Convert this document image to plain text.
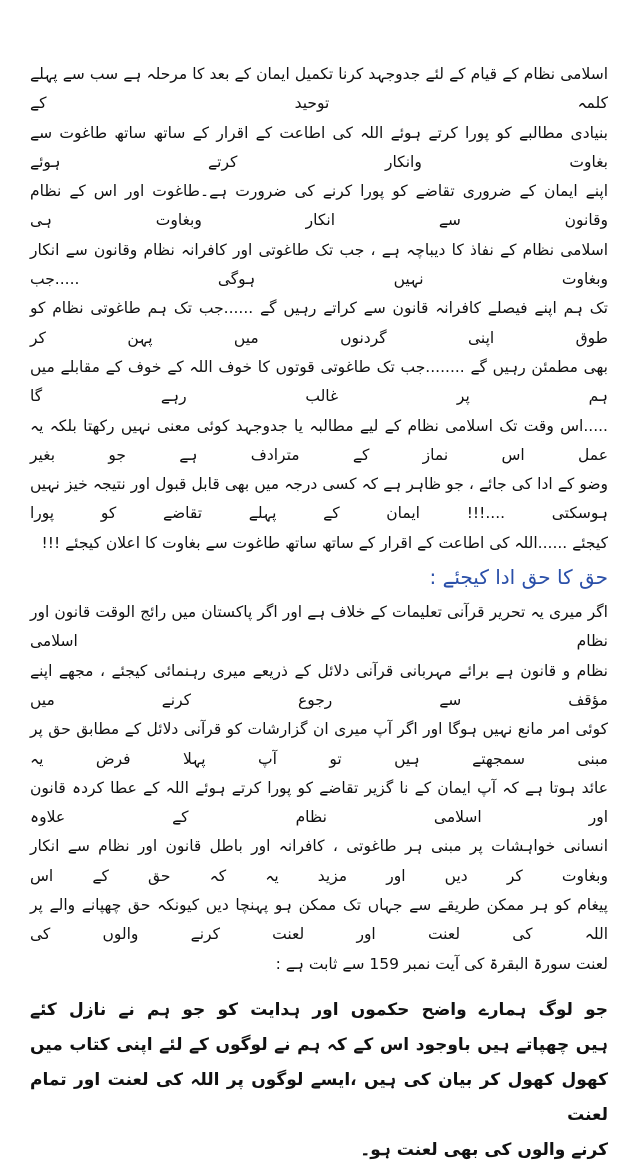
اسلامی نظام کے قیام کے لئے جدوجہد کرنا تکمیل ایمان کے بعد کا مرحلہ ہے سب سے پہلے کلمہ توحید کے

بنیادی مطالبے کو پورا کرتے ہوئے اللہ کی اطاعت کے اقرار کے ساتھ ساتھ طاغوت سے بغاوت وانکار کرتے ہوئے

اپنے ایمان کے ضروری تقاضے کو پورا کرنے کی ضرورت ہے۔طاغوت اور اس کے نظام وقانون سے انکار وبغاوت ہی

اسلامی نظام کے نفاذ کا دیباچہ ہے ، جب تک طاغوتی اور کافرانہ نظام وقانون سے انکار وبغاوت نہیں ہوگی .....جب

تک ہم اپنے فیصلے کافرانہ قانون سے کراتے رہیں گے ......جب تک ہم طاغوتی نظام کو طوق اپنی گردنوں میں پہن کر

بھی مطمئن رہیں گے ........جب تک طاغوتی قوتوں کا خوف اللہ کے خوف کے مقابلے میں ہم پر غالب رہے گا

.....اس وقت تک اسلامی نظام کے لیے مطالبہ یا جدوجہد کوئی معنی نہیں رکھتا بلکہ یہ عمل اس نماز کے مترادف ہے جو بغیر

وضو کے ادا کی جائے ، جو ظاہر ہے کہ کسی درجہ میں بھی قابل قبول اور نتیجہ خیز نہیں ہوسکتی ....!!! ایمان کے پہلے تقاضے کو پورا

کیجئے ......اللہ کی اطاعت کے اقرار کے ساتھ ساتھ طاغوت سے بغاوت کا اعلان کیجئے !!!

حق کا حق ادا کیجئے :

اگر میری یہ تحریر قرآنی تعلیمات کے خلاف ہے اور اگر پاکستان میں رائج الوقت قانون اور نظام اسلامی

نظام و قانون ہے برائے مہربانی قرآنی دلائل کے ذریعے میری رہنمائی کیجئے ، مجھے اپنے مؤقف سے رجوع کرنے میں

کوئی امر مانع نہیں ہوگا اور اگر آپ میری ان گزارشات کو قرآنی دلائل کے مطابق حق پر مبنی سمجھتے ہیں تو آپ پہلا فرض یہ

عائد ہوتا ہے کہ آپ ایمان کے نا گزیر تقاضے کو پورا کرتے ہوئے اللہ کے عطا کردہ قانون اور اسلامی نظام کے علاوہ

انسانی خواہشات پر مبنی ہر طاغوتی ، کافرانہ اور باطل قانون اور نظام سے انکار وبغاوت کر دیں اور مزید یہ کہ حق کے اس

پیغام کو ہر ممکن طریقے سے جہاں تک ممکن ہو پہنچا دیں کیونکہ حق چھپانے والے پر اللہ کی لعنت اور لعنت کرنے والوں کی

لعنت سورۃ البقرۃ کی آیت نمبر 159 سے ثابت ہے :

جو لوگ ہمارے واضح حکموں اور ہدایت کو جو ہم نے نازل کئے

ہیں چھپاتے ہیں باوجود اس کے کہ ہم نے لوگوں کے لئے اپنی کتاب میں

کھول کھول کر بیان کی ہیں ،ایسے لوگوں پر اللہ کی لعنت اور تمام لعنت

کرنے والوں کی بھی لعنت ہو۔
